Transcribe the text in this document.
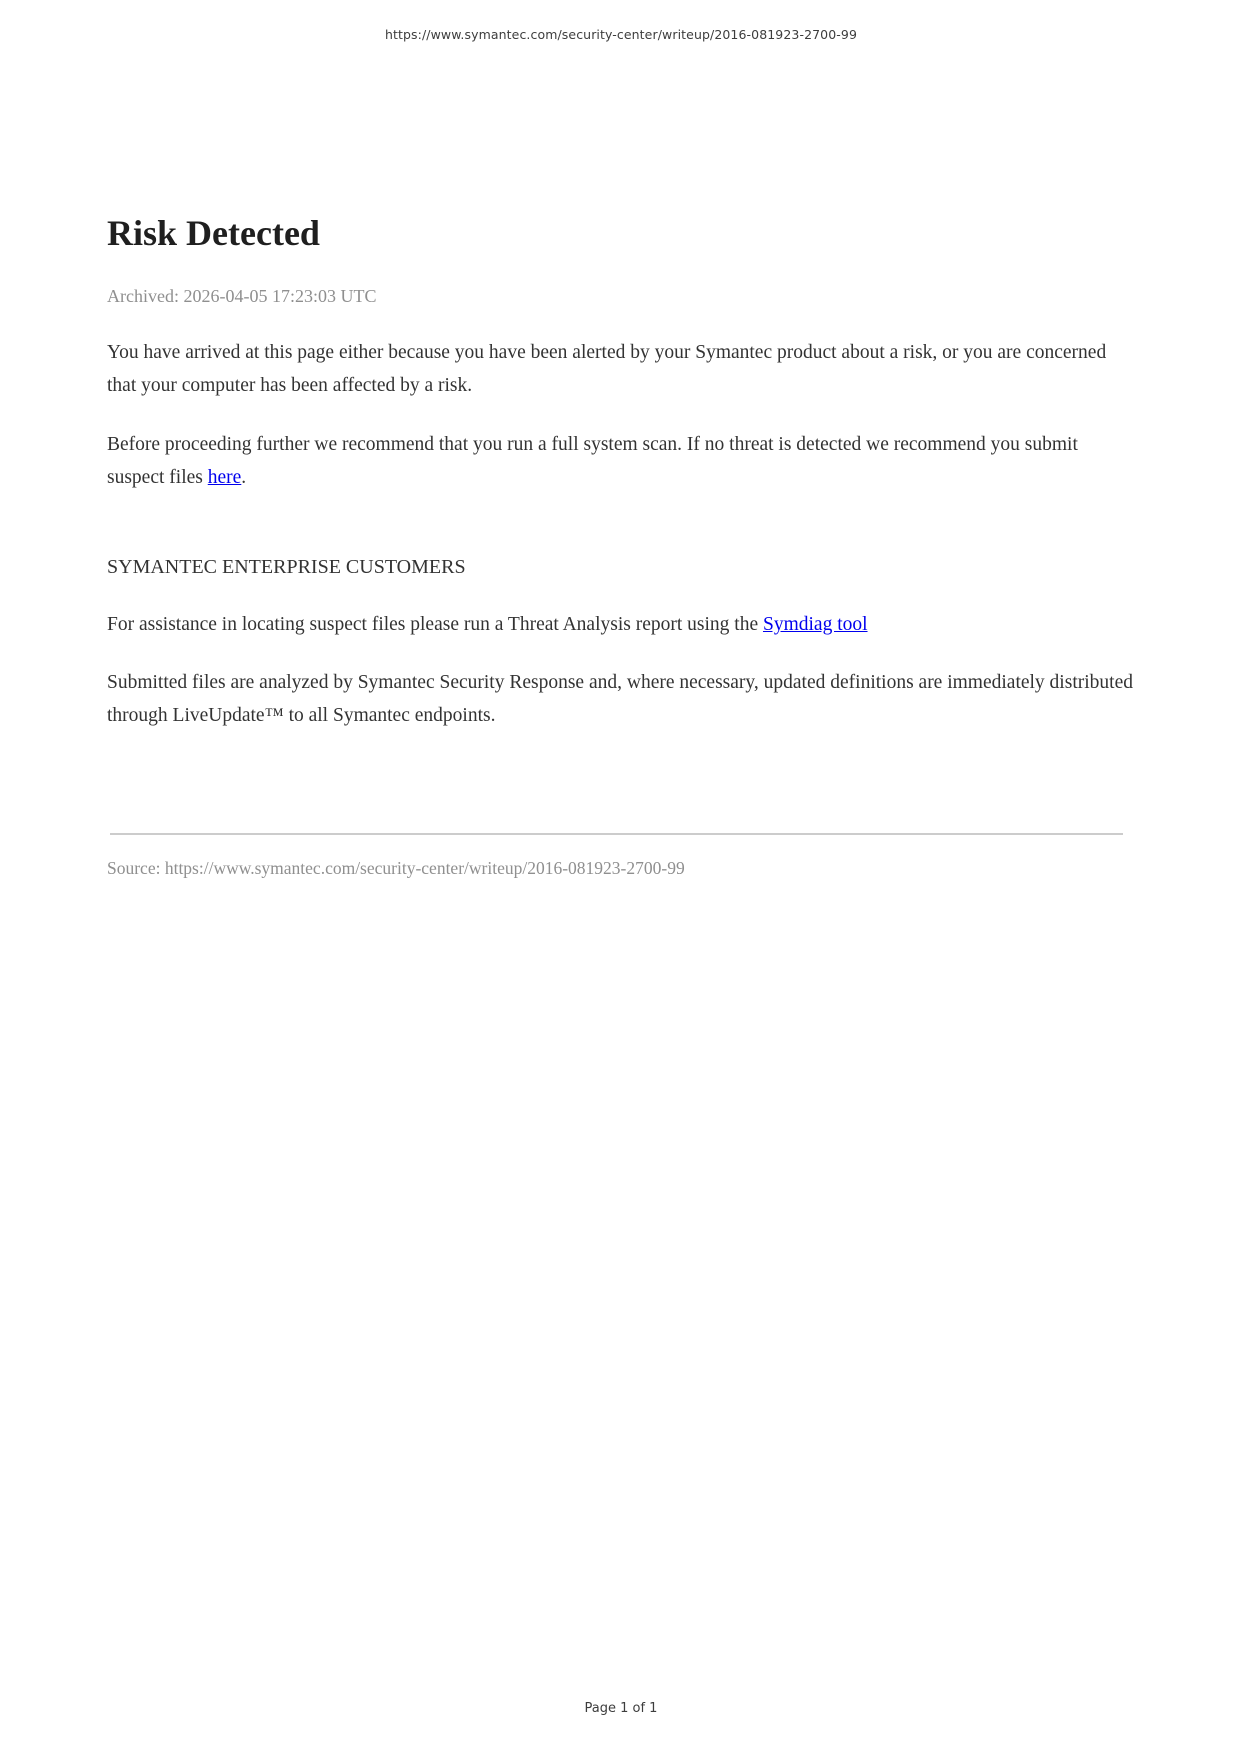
https://www.symantec.com/security-center/writeup/2016-081923-2700-99
Risk Detected
Archived: 2026-04-05 17:23:03 UTC

You have arrived at this page either because you have been alerted by your Symantec product about a risk, or you are concerned that your computer has been affected by a risk.

Before proceeding further we recommend that you run a full system scan. If no threat is detected we recommend you submit suspect files here.

SYMANTEC ENTERPRISE CUSTOMERS

For assistance in locating suspect files please run a Threat Analysis report using the Symdiag tool

Submitted files are analyzed by Symantec Security Response and, where necessary, updated definitions are immediately distributed through LiveUpdate™ to all Symantec endpoints.

Source: https://www.symantec.com/security-center/writeup/2016-081923-2700-99
Page 1 of 1
